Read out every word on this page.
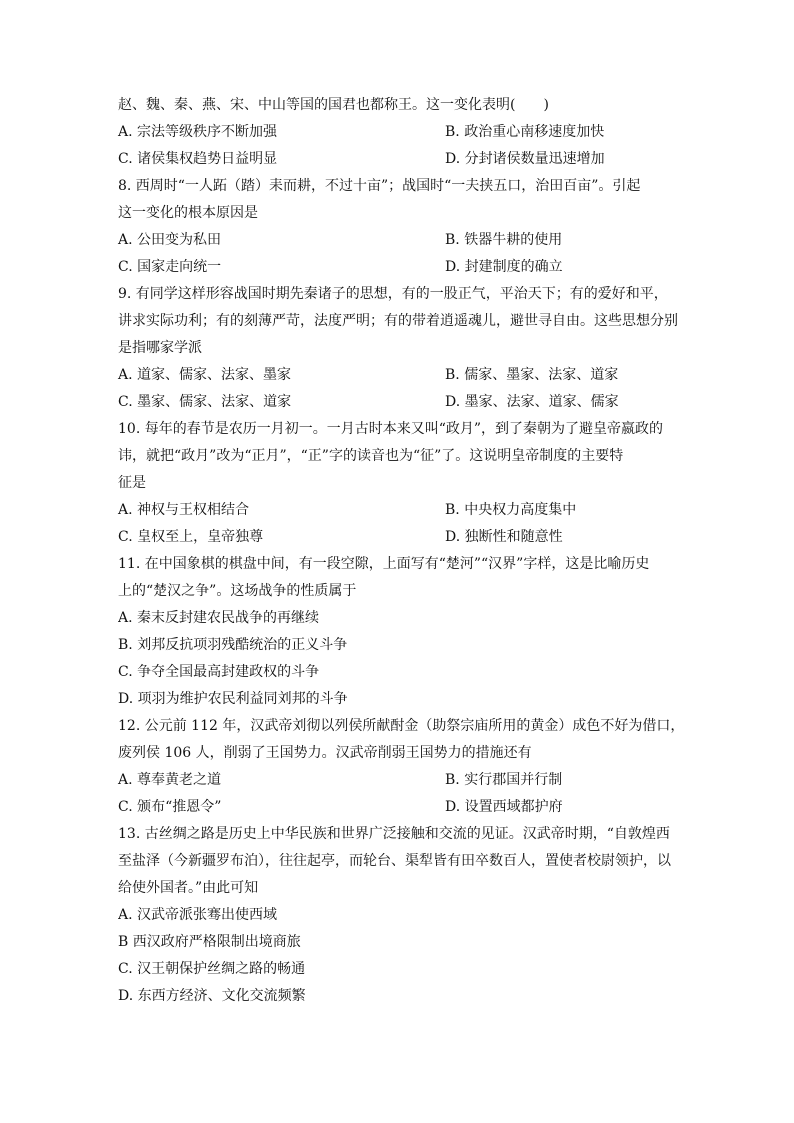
赵、魏、秦、燕、宋、中山等国的国君也都称王。这一变化表明(　　)
A. 宗法等级秩序不断加强	B. 政治重心南移速度加快
C. 诸侯集权趋势日益明显	D. 分封诸侯数量迅速增加
8. 西周时“一人跖（踏）耒而耕，不过十亩”；战国时“一夫挟五口，治田百亩”。引起
这一变化的根本原因是
A. 公田变为私田	B. 铁器牛耕的使用
C. 国家走向统一	D. 封建制度的确立
9. 有同学这样形容战国时期先秦诸子的思想，有的一股正气，平治天下；有的爱好和平，
讲求实际功利；有的刻薄严苛，法度严明；有的带着逍遥魂儿，避世寻自由。这些思想分别
是指哪家学派
A. 道家、儒家、法家、墨家	B. 儒家、墨家、法家、道家
C. 墨家、儒家、法家、道家	D. 墨家、法家、道家、儒家
10. 每年的春节是农历一月初一。一月古时本来又叫“政月”，到了秦朝为了避皇帝嬴政的
讳，就把“政月”改为“正月”，“正”字的读音也为“征”了。这说明皇帝制度的主要特
征是
A. 神权与王权相结合	B. 中央权力高度集中
C. 皇权至上，皇帝独尊	D. 独断性和随意性
11. 在中国象棋的棋盘中间，有一段空隙，上面写有“楚河”“汉界”字样，这是比喻历史
上的“楚汉之争”。这场战争的性质属于
A. 秦末反封建农民战争的再继续
B. 刘邦反抗项羽残酷统治的正义斗争
C. 争夺全国最高封建政权的斗争
D. 项羽为维护农民利益同刘邦的斗争
12. 公元前 112 年，汉武帝刘彻以列侯所献酎金（助祭宗庙所用的黄金）成色不好为借口，
废列侯 106 人，削弱了王国势力。汉武帝削弱王国势力的措施还有
A. 尊奉黄老之道	B. 实行郡国并行制
C. 颁布“推恩令”	D. 设置西域都护府
13. 古丝绸之路是历史上中华民族和世界广泛接触和交流的见证。汉武帝时期，“自敦煌西
至盐泽（今新疆罗布泊），往往起亭，而轮台、渠犁皆有田卒数百人，置使者校尉领护，以
给使外国者。”由此可知
A. 汉武帝派张骞出使西域
B 西汉政府严格限制出境商旅
C. 汉王朝保护丝绸之路的畅通
D. 东西方经济、文化交流频繁
